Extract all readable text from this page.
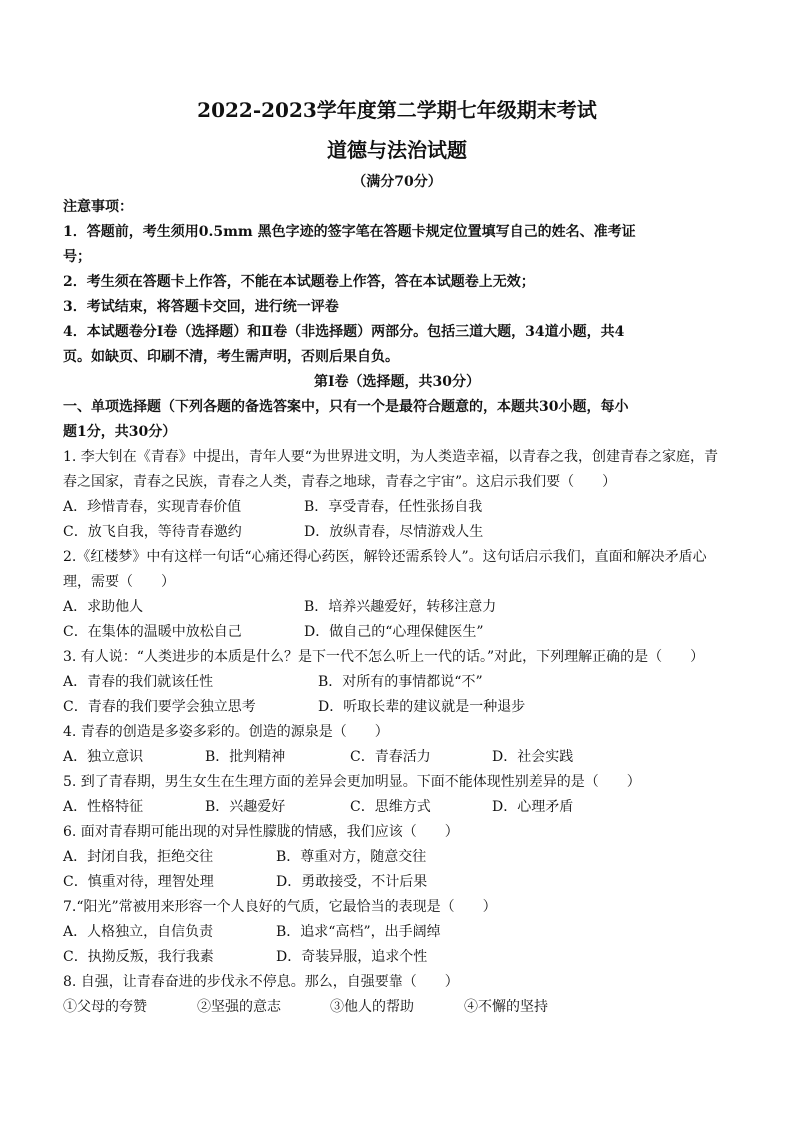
2022-2023学年度第二学期七年级期末考试
道德与法治试题
（满分70分）
注意事项：
1．答题前，考生须用0.5mm 黑色字迹的签字笔在答题卡规定位置填写自己的姓名、准考证
号；
2．考生须在答题卡上作答，不能在本试题卷上作答，答在本试题卷上无效；
3．考试结束，将答题卡交回，进行统一评卷
4．本试题卷分Ⅰ卷（选择题）和Ⅱ卷（非选择题）两部分。包括三道大题，34道小题，共4
页。如缺页、印刷不清，考生需声明，否则后果自负。
第Ⅰ卷（选择题，共30分）
一、单项选择题（下列各题的备选答案中，只有一个是最符合题意的，本题共30小题，每小
题1分，共30分）
1. 李大钊在《青春》中提出，青年人要“为世界进文明，为人类造幸福，以青春之我，创建青春之家庭，青
春之国家，青春之民族，青春之人类，青春之地球，青春之宇宙”。这启示我们要（　　）
A．珍惜青春，实现青春价值	B．享受青春，任性张扬自我
C．放飞自我，等待青春邀约	D．放纵青春，尽情游戏人生
2.《红楼梦》中有这样一句话“心痛还得心药医，解铃还需系铃人”。这句话启示我们，直面和解决矛盾心
理，需要（　　）
A．求助他人	B．培养兴趣爱好，转移注意力
C．在集体的温暖中放松自己	D．做自己的“心理保健医生”
3. 有人说：“人类进步的本质是什么？是下一代不怎么听上一代的话。”对此，下列理解正确的是（　　）
A．青春的我们就该任性	B．对所有的事情都说“不”
C．青春的我们要学会独立思考	D．听取长辈的建议就是一种退步
4. 青春的创造是多姿多彩的。创造的源泉是（　　）
A．独立意识	B．批判精神	C．青春活力	D．社会实践
5. 到了青春期，男生女生在生理方面的差异会更加明显。下面不能体现性别差异的是（　　）
A．性格特征	B．兴趣爱好	C．思维方式	D．心理矛盾
6. 面对青春期可能出现的对异性朦胧的情感，我们应该（　　）
A．封闭自我，拒绝交往	B．尊重对方，随意交往
C．慎重对待，理智处理	D．勇敢接受，不计后果
7.“阳光”常被用来形容一个人良好的气质，它最恰当的表现是（　　）
A．人格独立，自信负责	B．追求“高档”，出手阔绰
C．执拗反叛，我行我素	D．奇装异服，追求个性
8. 自强，让青春奋进的步伐永不停息。那么，自强要靠（　　）
①父母的夸赞	②坚强的意志	③他人的帮助	④不懈的坚持
